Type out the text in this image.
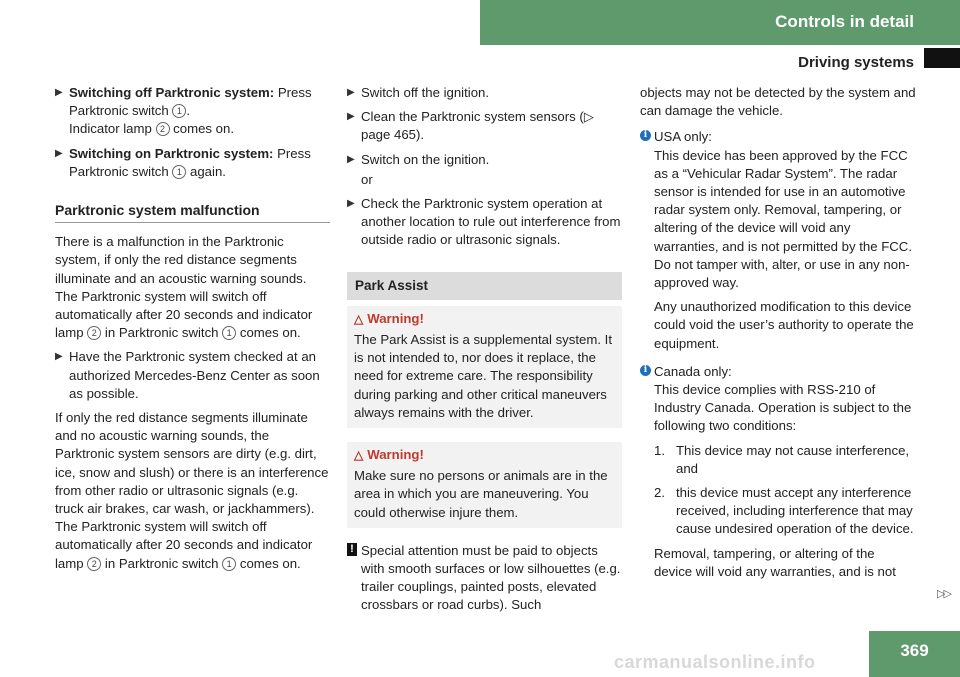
Controls in detail
Driving systems
▶ Switching off Parktronic system: Press Parktronic switch 1 .
Indicator lamp 2 comes on.
▶ Switching on Parktronic system: Press Parktronic switch 1 again.
Parktronic system malfunction

There is a malfunction in the Parktronic system, if only the red distance segments illuminate and an acoustic warning sounds. The Parktronic system will switch off automatically after 20 seconds and indicator lamp 2 in Parktronic switch 1 comes on.

▶ Have the Parktronic system checked at an authorized Mercedes-Benz Center as soon as possible.

If only the red distance segments illuminate and no acoustic warning sounds, the Parktronic system sensors are dirty (e.g. dirt, ice, snow and slush) or there is an interference from other radio or ultrasonic signals (e.g. truck air brakes, car wash, or jackhammers). The Parktronic system will switch off automatically after 20 seconds and indicator lamp 2 in Parktronic switch 1 comes on.

▶ Switch off the ignition.
▶ Clean the Parktronic system sensors (▷ page 465).
▶ Switch on the ignition.

or

▶ Check the Parktronic system operation at another location to rule out interference from outside radio or ultrasonic signals.
Park Assist
△ Warning!
The Park Assist is a supplemental system. It is not intended to, nor does it replace, the need for extreme care. The responsibility during parking and other critical maneuvers always remains with the driver.
△ Warning!
Make sure no persons or animals are in the area in which you are maneuvering. You could otherwise injure them.
! Special attention must be paid to objects with smooth surfaces or low silhouettes (e.g. trailer couplings, painted posts, elevated crossbars or road curbs). Such

objects may not be detected by the system and can damage the vehicle.

i USA only:
This device has been approved by the FCC as a “Vehicular Radar System”. The radar sensor is intended for use in an automotive radar system only. Removal, tampering, or altering of the device will void any warranties, and is not permitted by the FCC. Do not tamper with, alter, or use in any non-approved way.
Any unauthorized modification to this device could void the user’s authority to operate the equipment.
i Canada only:
This device complies with RSS-210 of Industry Canada. Operation is subject to the following two conditions:
1. This device may not cause interference, and
2. this device must accept any interference received, including interference that may cause undesired operation of the device.
Removal, tampering, or altering of the device will void any warranties, and is not
▷▷
carmanualsonline.info
369
